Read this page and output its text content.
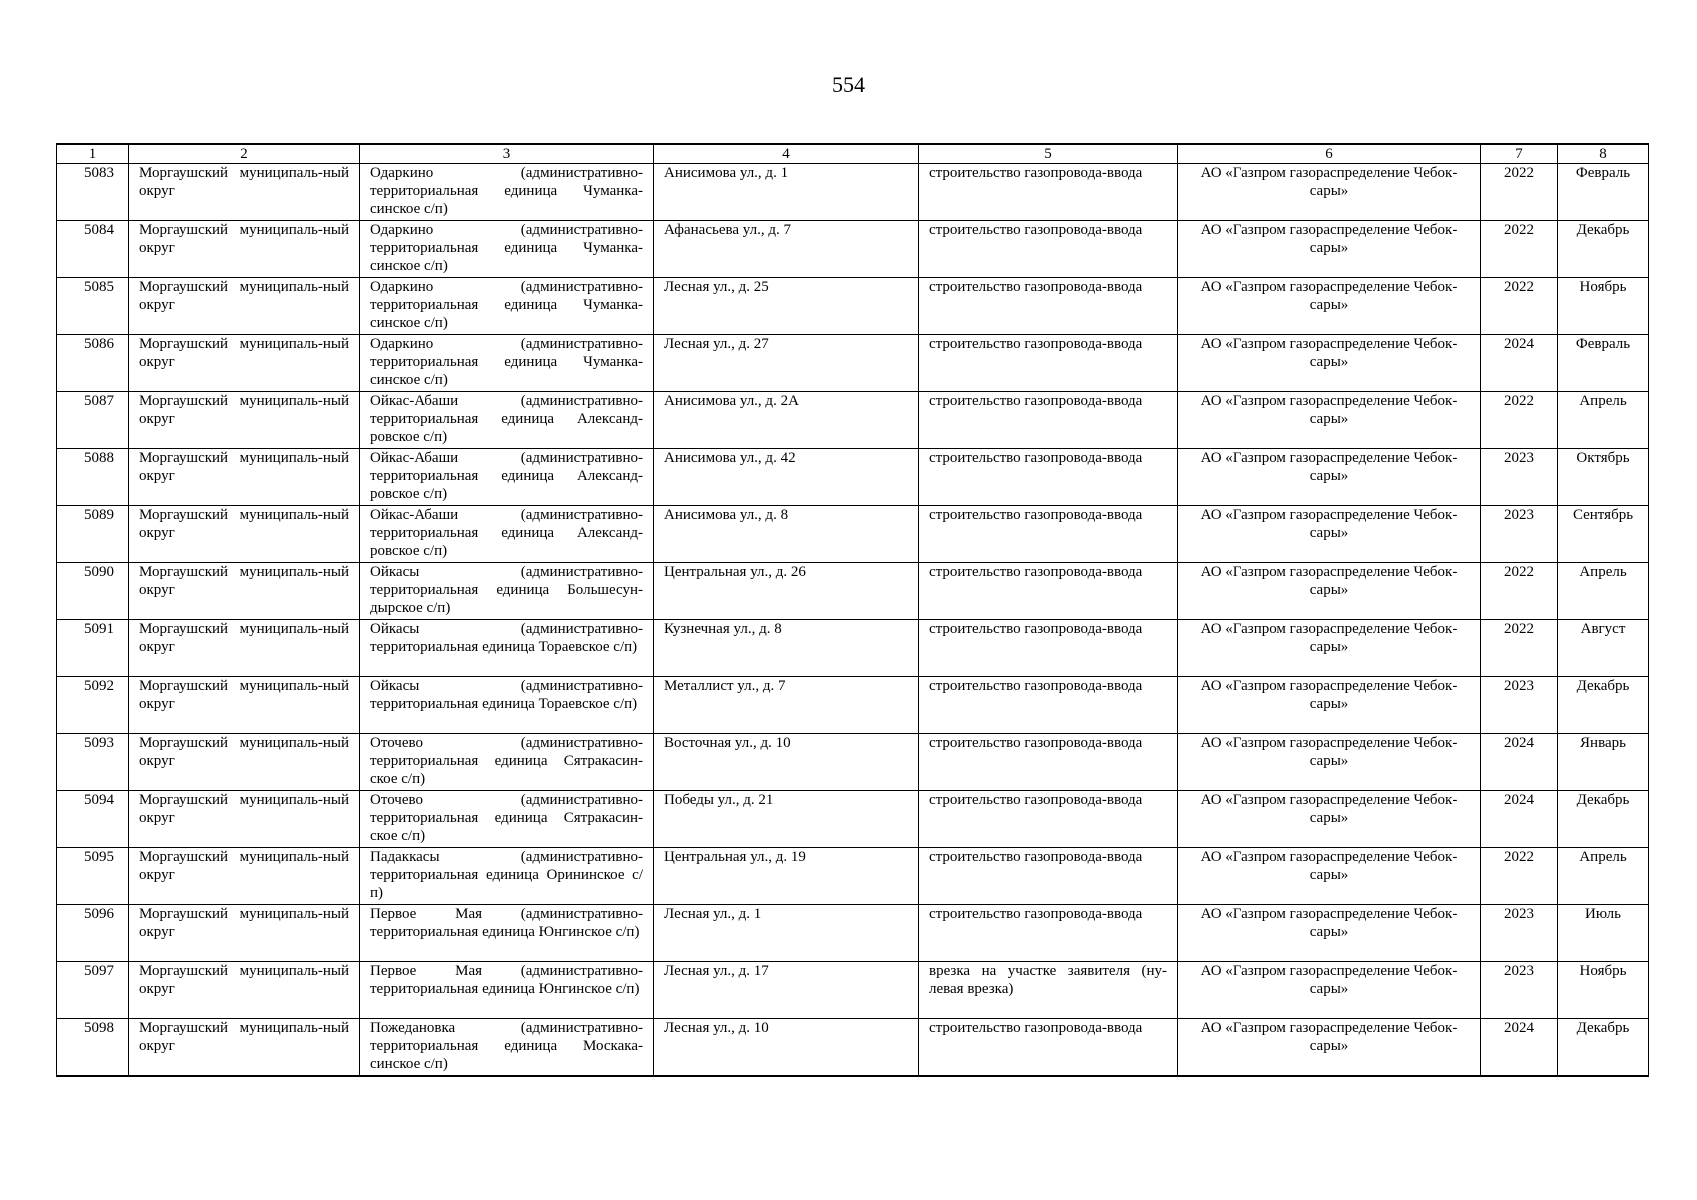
554
1	2	3	4	5	6	7	8
5083	Моргаушский муниципаль-ный округ	Одаркино (административно-территориальная единица Чуманка-синское с/п)	Анисимова ул., д. 1	строительство газопровода-ввода	АО «Газпром газораспределение Чебок-сары»	2022	Февраль
5084	Моргаушский муниципаль-ный округ	Одаркино (административно-территориальная единица Чуманка-синское с/п)	Афанасьева ул., д. 7	строительство газопровода-ввода	АО «Газпром газораспределение Чебок-сары»	2022	Декабрь
5085	Моргаушский муниципаль-ный округ	Одаркино (административно-территориальная единица Чуманка-синское с/п)	Лесная ул., д. 25	строительство газопровода-ввода	АО «Газпром газораспределение Чебок-сары»	2022	Ноябрь
5086	Моргаушский муниципаль-ный округ	Одаркино (административно-территориальная единица Чуманка-синское с/п)	Лесная ул., д. 27	строительство газопровода-ввода	АО «Газпром газораспределение Чебок-сары»	2024	Февраль
5087	Моргаушский муниципаль-ный округ	Ойкас-Абаши (административно-территориальная единица Александ-ровское с/п)	Анисимова ул., д. 2А	строительство газопровода-ввода	АО «Газпром газораспределение Чебок-сары»	2022	Апрель
5088	Моргаушский муниципаль-ный округ	Ойкас-Абаши (административно-территориальная единица Александ-ровское с/п)	Анисимова ул., д. 42	строительство газопровода-ввода	АО «Газпром газораспределение Чебок-сары»	2023	Октябрь
5089	Моргаушский муниципаль-ный округ	Ойкас-Абаши (административно-территориальная единица Александ-ровское с/п)	Анисимова ул., д. 8	строительство газопровода-ввода	АО «Газпром газораспределение Чебок-сары»	2023	Сентябрь
5090	Моргаушский муниципаль-ный округ	Ойкасы (административно-территориальная единица Большесун-дырское с/п)	Центральная ул., д. 26	строительство газопровода-ввода	АО «Газпром газораспределение Чебок-сары»	2022	Апрель
5091	Моргаушский муниципаль-ный округ	Ойкасы (административно-территориальная единица Тораевское с/п)	Кузнечная ул., д. 8	строительство газопровода-ввода	АО «Газпром газораспределение Чебок-сары»	2022	Август
5092	Моргаушский муниципаль-ный округ	Ойкасы (административно-территориальная единица Тораевское с/п)	Металлист ул., д. 7	строительство газопровода-ввода	АО «Газпром газораспределение Чебок-сары»	2023	Декабрь
5093	Моргаушский муниципаль-ный округ	Оточево (административно-территориальная единица Сятракасин-ское с/п)	Восточная ул., д. 10	строительство газопровода-ввода	АО «Газпром газораспределение Чебок-сары»	2024	Январь
5094	Моргаушский муниципаль-ный округ	Оточево (административно-территориальная единица Сятракасин-ское с/п)	Победы ул., д. 21	строительство газопровода-ввода	АО «Газпром газораспределение Чебок-сары»	2024	Декабрь
5095	Моргаушский муниципаль-ный округ	Падаккасы (административно-территориальная единица Орининское с/п)	Центральная ул., д. 19	строительство газопровода-ввода	АО «Газпром газораспределение Чебок-сары»	2022	Апрель
5096	Моргаушский муниципаль-ный округ	Первое Мая (административно-территориальная единица Юнгинское с/п)	Лесная ул., д. 1	строительство газопровода-ввода	АО «Газпром газораспределение Чебок-сары»	2023	Июль
5097	Моргаушский муниципаль-ный округ	Первое Мая (административно-территориальная единица Юнгинское с/п)	Лесная ул., д. 17	врезка на участке заявителя (ну-левая врезка)	АО «Газпром газораспределение Чебок-сары»	2023	Ноябрь
5098	Моргаушский муниципаль-ный округ	Пожедановка (административно-территориальная единица Москака-синское с/п)	Лесная ул., д. 10	строительство газопровода-ввода	АО «Газпром газораспределение Чебок-сары»	2024	Декабрь
